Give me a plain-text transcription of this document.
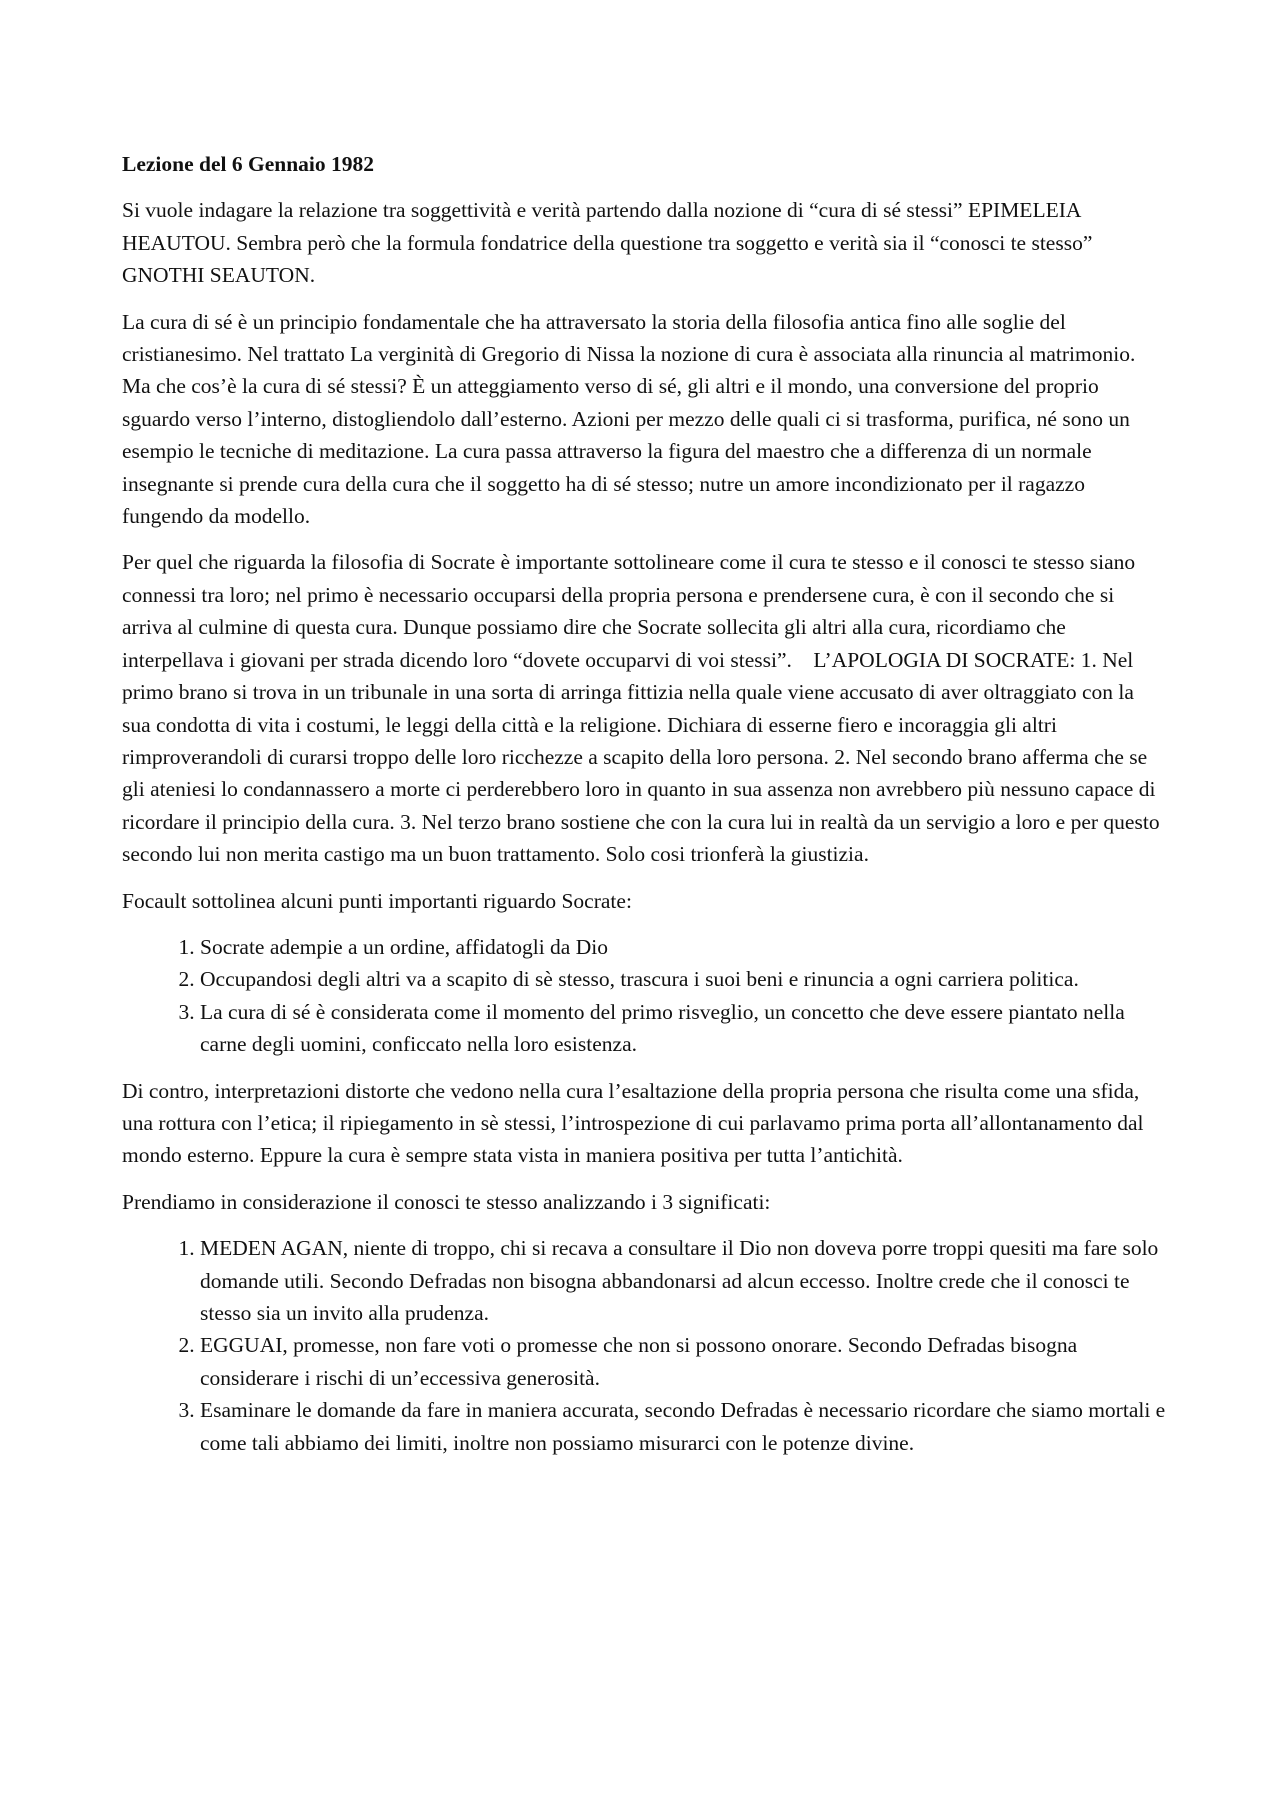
Lezione del 6 Gennaio 1982

Si vuole indagare la relazione tra soggettività e verità partendo dalla nozione di “cura di sé stessi” EPIMELEIA HEAUTOU. Sembra però che la formula fondatrice della questione tra soggetto e verità sia il “conosci te stesso” GNOTHI SEAUTON.

La cura di sé è un principio fondamentale che ha attraversato la storia della filosofia antica fino alle soglie del cristianesimo. Nel trattato La verginità di Gregorio di Nissa la nozione di cura è associata alla rinuncia al matrimonio. Ma che cos’è la cura di sé stessi? È un atteggiamento verso di sé, gli altri e il mondo, una conversione del proprio sguardo verso l’interno, distogliendolo dall’esterno. Azioni per mezzo delle quali ci si trasforma, purifica, né sono un esempio le tecniche di meditazione. La cura passa attraverso la figura del maestro che a differenza di un normale insegnante si prende cura della cura che il soggetto ha di sé stesso; nutre un amore incondizionato per il ragazzo fungendo da modello.

Per quel che riguarda la filosofia di Socrate è importante sottolineare come il cura te stesso e il conosci te stesso siano connessi tra loro; nel primo è necessario occuparsi della propria persona e prendersene cura, è con il secondo che si arriva al culmine di questa cura. Dunque possiamo dire che Socrate sollecita gli altri alla cura, ricordiamo che interpellava i giovani per strada dicendo loro “dovete occuparvi di voi stessi”.    L’APOLOGIA DI SOCRATE: 1. Nel primo brano si trova in un tribunale in una sorta di arringa fittizia nella quale viene accusato di aver oltraggiato con la sua condotta di vita i costumi, le leggi della città e la religione. Dichiara di esserne fiero e incoraggia gli altri rimproverandoli di curarsi troppo delle loro ricchezze a scapito della loro persona. 2. Nel secondo brano afferma che se gli ateniesi lo condannassero a morte ci perderebbero loro in quanto in sua assenza non avrebbero più nessuno capace di ricordare il principio della cura. 3. Nel terzo brano sostiene che con la cura lui in realtà da un servigio a loro e per questo secondo lui non merita castigo ma un buon trattamento. Solo cosi trionferà la giustizia.

Focault sottolinea alcuni punti importanti riguardo Socrate:

1. Socrate adempie a un ordine, affidatogli da Dio
2. Occupandosi degli altri va a scapito di sè stesso, trascura i suoi beni e rinuncia a ogni carriera politica.
3. La cura di sé è considerata come il momento del primo risveglio, un concetto che deve essere piantato nella carne degli uomini, conficcato nella loro esistenza.

Di contro, interpretazioni distorte che vedono nella cura l’esaltazione della propria persona che risulta come una sfida, una rottura con l’etica; il ripiegamento in sè stessi, l’introspezione di cui parlavamo prima porta all’allontanamento dal mondo esterno. Eppure la cura è sempre stata vista in maniera positiva per tutta l’antichità.

Prendiamo in considerazione il conosci te stesso analizzando i 3 significati:

1. MEDEN AGAN, niente di troppo, chi si recava a consultare il Dio non doveva porre troppi quesiti ma fare solo domande utili. Secondo Defradas non bisogna abbandonarsi ad alcun eccesso. Inoltre crede che il conosci te stesso sia un invito alla prudenza.
2. EGGUAI, promesse, non fare voti o promesse che non si possono onorare. Secondo Defradas bisogna considerare i rischi di un’eccessiva generosità.
3. Esaminare le domande da fare in maniera accurata, secondo Defradas è necessario ricordare che siamo mortali e come tali abbiamo dei limiti, inoltre non possiamo misurarci con le potenze divine.
